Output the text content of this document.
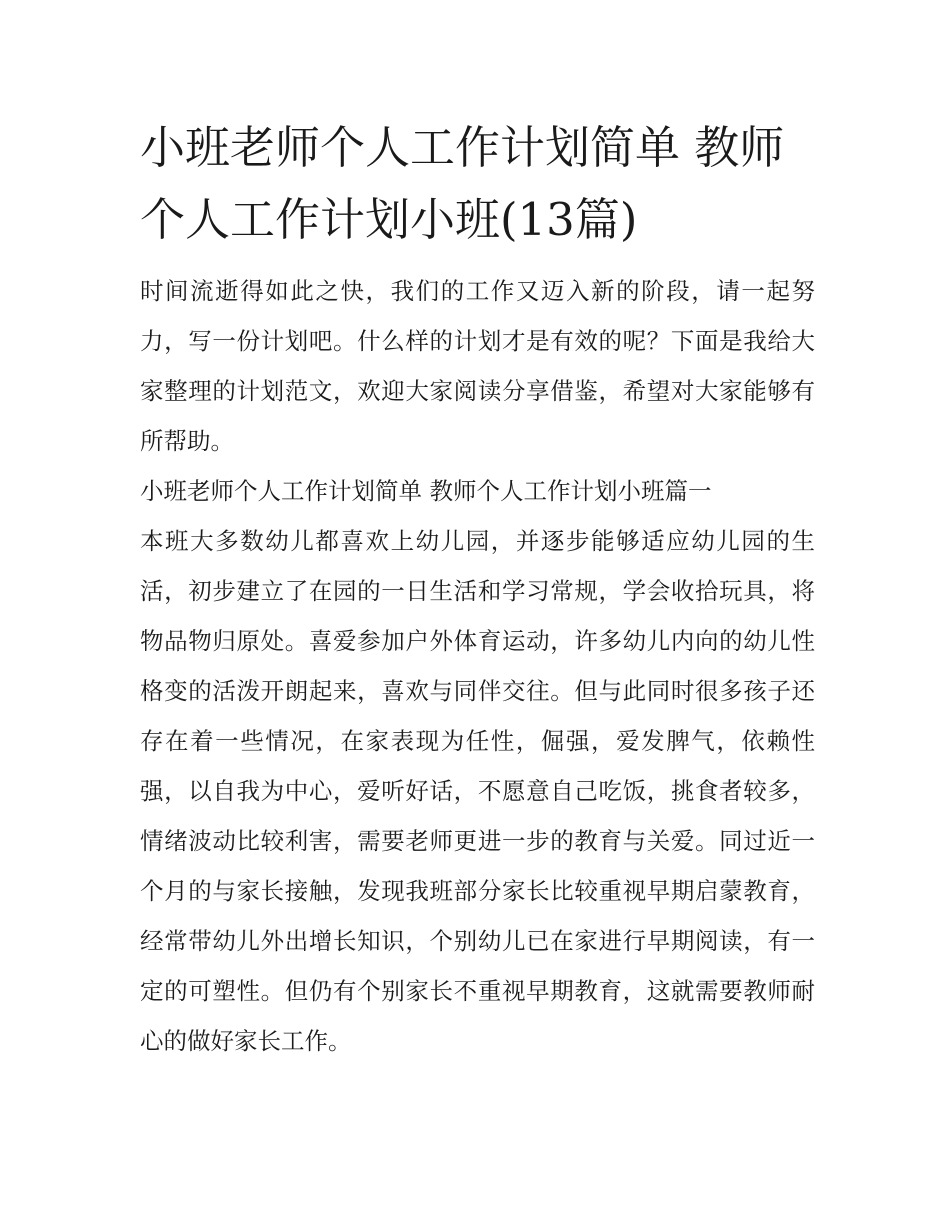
小班老师个人工作计划简单 教师个人工作计划小班(13篇)

时间流逝得如此之快，我们的工作又迈入新的阶段，请一起努力，写一份计划吧。什么样的计划才是有效的呢？下面是我给大家整理的计划范文，欢迎大家阅读分享借鉴，希望对大家能够有所帮助。

小班老师个人工作计划简单 教师个人工作计划小班篇一

本班大多数幼儿都喜欢上幼儿园，并逐步能够适应幼儿园的生活，初步建立了在园的一日生活和学习常规，学会收拾玩具，将物品物归原处。喜爱参加户外体育运动，许多幼儿内向的幼儿性格变的活泼开朗起来，喜欢与同伴交往。但与此同时很多孩子还存在着一些情况，在家表现为任性，倔强，爱发脾气，依赖性强，以自我为中心，爱听好话，不愿意自己吃饭，挑食者较多，情绪波动比较利害，需要老师更进一步的教育与关爱。同过近一个月的与家长接触，发现我班部分家长比较重视早期启蒙教育，经常带幼儿外出增长知识，个别幼儿已在家进行早期阅读，有一定的可塑性。但仍有个别家长不重视早期教育，这就需要教师耐心的做好家长工作。
